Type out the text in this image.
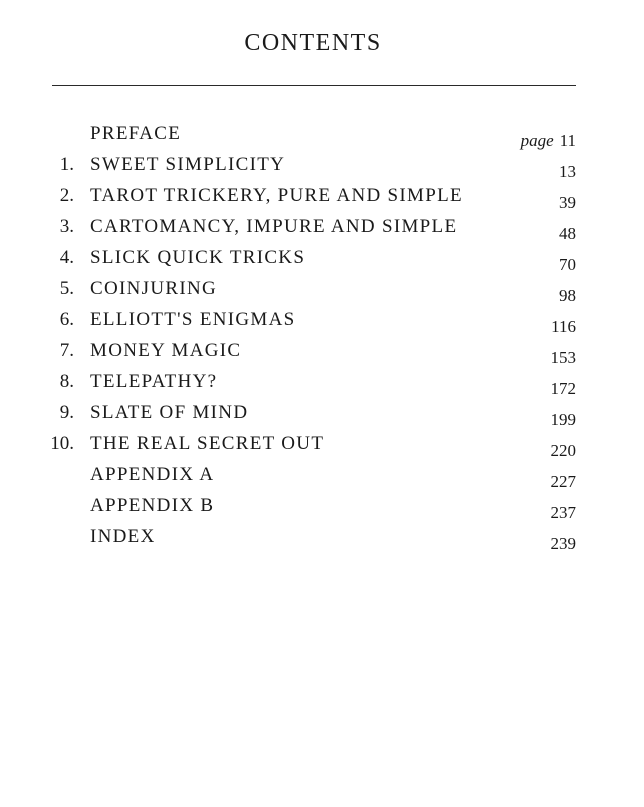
CONTENTS
PREFACE	page 11
1. SWEET SIMPLICITY	13
2. TAROT TRICKERY, PURE AND SIMPLE	39
3. CARTOMANCY, IMPURE AND SIMPLE	48
4. SLICK QUICK TRICKS	70
5. COINJURING	98
6. ELLIOTT'S ENIGMAS	116
7. MONEY MAGIC	153
8. TELEPATHY?	172
9. SLATE OF MIND	199
10. THE REAL SECRET OUT	220
APPENDIX A	227
APPENDIX B	237
INDEX	239
